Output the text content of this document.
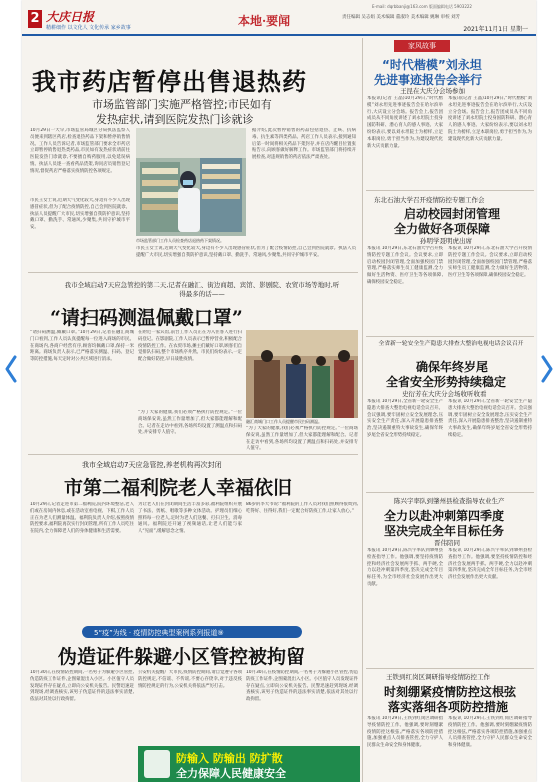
2 大庆日报
精耕细作 以文化人 文化传承 家乡故事	本地·要闻
E-mail: dqrbbanji@163.com 版面编辑电话 5903222
责任编辑 吴志娟 美术编辑 董淑玲 美术编辑 姚琳 审校 刘芳
2021年11月1日 星期一
我市药店暂停出售退热药
市场监管部门实施严格管控;市民如有
发热症状,请到医院发热门诊就诊
10月29日一大早,市场监管局城区分局执法监察人员便来到辖区药店,检查退热药品下架和暂停销售情况。工作人员告诉记者,市场监管部门要求全市药店立即暂停销售退热类药品,市民如有发热症状请前往医院发热门诊就诊,不要擅自购药服用,以免延误病情。执法人员逐一查看药品货架,询问店员销售登记情况,督促药店严格落实疫情防控各项规定。
市民王女士说,近期天气变化较大,身边有不少人出现感冒症状,但为了配合疫情防控,自己会到医院就诊。执法人员提醒广大市民,切实增强自我防护意识,坚持戴口罩、勤洗手、常通风,少聚集,共同守护城市平安。
市场监管部门工作人员检查药店退热药下架情况。
据介绍,此次暂停销售的药品包括退热、止咳、抗病毒、抗生素等四类药品。药店工作人员表示,接到通知后第一时间将相关药品下架封存,并在店内醒目位置张贴告示,向顾客做好解释工作。市场监管部门将持续开展检查,对违规销售的药店依法严肃查处。
市民王女士说,近期天气变化较大,身边有不少人出现感冒症状,但为了配合疫情防控,自己会到医院就诊。执法人员提醒广大市民,切实增强自我防护意识,坚持戴口罩、勤洗手、常通风,少聚集,共同守护城市平安。
我市全域启动7天应急管控的第二天,记者在融汇、街边商超、宾馆、影剧院、农贸市场等地时,听得最多的话——
“请扫码测温佩戴口罩”
“请扫码测温,佩戴口罩。”10月29日,记者在融汇商城门口看到,工作人员认真提醒每一位进入商场的市民。在商场内,各商户经营有序,顾客均佩戴口罩,保持一米距离。商场负责人表示,已严格落实测温、扫码、登记等防控措施,每天定时对公共区域进行消杀。
在附近一家宾馆,前台工作人员正在为入住客人进行扫码登记。在影剧院,工作人员表示已暂停营业,积极配合疫情防控工作。在农贸市场,摊主们戴好口罩,顾客们自觉排队扫码,整个市场秩序井然。市民们纷纷表示,一定配合做好防控,早日战胜疫情。
融汇商城门口工作人员提醒市民扫码测温。
“为了大家的健康,我们必须严格执行防控规定。”一位商场保安说,虽然工作量增加了,但大家都能理解和配合。记者在走访中看到,各场所均设置了测温点和扫码处,并安排专人值守。
“为了大家的健康,我们必须严格执行防控规定。”一位商场保安说,虽然工作量增加了,但大家都能理解和配合。记者在走访中看到,各场所均设置了测温点和扫码处,并安排专人值守。
我市全域启动7天应急管控,养老机构再次封闭
市第二福利院老人幸福依旧
10月29日,记者走进市第二福利院,院内环境整洁,老人们或在房间内休息,或在活动室看电视、下棋,工作人员正在为老人们测量体温。福利院负责人介绍,按照疫情防控要求,福利院再次实行封闭管理,所有工作人员吃住在院内,全力保障老人们的身体健康和生活需要。
为让老人们在封闭期间生活丰富多彩,福利院组织开展了书法、剪纸、唱歌等多种文体活动。护理员们细心照料每一位老人,定时为老人们送餐、打扫卫生、消毒通风。福利院还开通了视频通话,让老人们能与家人“见面”,缓解思念之情。
86岁的李大爷说:“福利院的工作人员对我们照顾得很周到,吃得好、住得好,我们一定配合好防疫工作,让家人放心。”
5“疫”为线 · 疫情防控典型案例系列报道⑨
伪造证件躲避小区管控被拘留
10月30日,在疫情防控期间,一名男子为躲避小区管控,伪造防疫工作证件,企图蒙混出入小区。小区值守人员发现证件存在疑点,立即向公安机关报告。民警迅速赶到现场,经调查核实,该男子伪造证件的违法事实清楚,依法对其处以行政拘留。
公安机关提醒广大市民,疫情防控期间,请自觉遵守各项防控规定,不信谣、不传谣,不要心存侥幸,对于违反疫情防控规定的行为,公安机关将依法严厉打击。
10月30日,在疫情防控期间,一名男子为躲避小区管控,伪造防疫工作证件,企图蒙混出入小区。小区值守人员发现证件存在疑点,立即向公安机关报告。民警迅速赶到现场,经调查核实,该男子伪造证件的违法事实清楚,依法对其处以行政拘留。
防输入 防输出 防扩散
全力保障人民健康安全
家风故事
“时代楷模”刘永坦
先进事迹报告会举行
王昆在大庆分会场参加
本报讯(记者 王晶)10月29日,“时代楷模”刘永坦先进事迹报告会在哈尔滨举行,大庆设立分会场。报告会上,报告团成员从不同角度讲述了刘永坦院士投身国防科研、潜心育人的感人事迹。大家纷纷表示,要以刘永坦院士为榜样,立足本职岗位,勇于担当作为,为建设现代化新大庆贡献力量。
本报讯(记者 王晶)10月29日,“时代楷模”刘永坦先进事迹报告会在哈尔滨举行,大庆设立分会场。报告会上,报告团成员从不同角度讲述了刘永坦院士投身国防科研、潜心育人的感人事迹。大家纷纷表示,要以刘永坦院士为榜样,立足本职岗位,勇于担当作为,为建设现代化新大庆贡献力量。
东北石油大学召开疫情防控专题工作会
启动校园封闭管理
全力做好各项保障
孙明学聂明虎出席
本报讯 10月29日,东北石油大学召开疫情防控专题工作会议。会议要求,立即启动校园封闭管理,全面加强校园门禁管理,严格落实师生员工健康监测,全力做好生活物资、医疗卫生等各项保障,确保校园安全稳定。
本报讯 10月29日,东北石油大学召开疫情防控专题工作会议。会议要求,立即启动校园封闭管理,全面加强校园门禁管理,严格落实师生员工健康监测,全力做好生活物资、医疗卫生等各项保障,确保校园安全稳定。
全省新一轮安全生产隐患大排查大整治电视电话会议召开
确保年终岁尾
全省安全形势持续稳定
史衍芳在大庆分会场收听收看
本报讯 10月29日,全省新一轮安全生产隐患大排查大整治电视电话会议召开。会议强调,要牢固树立安全发展理念,压实安全生产责任,深入开展隐患排查整治,坚决遏制重特大事故发生,确保年终岁尾全省安全形势持续稳定。
本报讯 10月29日,全省新一轮安全生产隐患大排查大整治电视电话会议召开。会议强调,要牢固树立安全发展理念,压实安全生产责任,深入开展隐患排查整治,坚决遏制重特大事故发生,确保年终岁尾全省安全形势持续稳定。
陈兴宇率队到肇州县检查指导农业生产
全力以赴冲刺第四季度
坚决完成全年目标任务
晋伟陪同
本报讯 10月29日,陈兴宇率队到肇州县检查指导工作。他强调,要坚持疫情防控和经济社会发展两手抓、两手硬,全力以赴冲刺第四季度,坚决完成全年目标任务,为全市经济社会发展作出更大贡献。
本报讯 10月29日,陈兴宇率队到肇州县检查指导工作。他强调,要坚持疫情防控和经济社会发展两手抓、两手硬,全力以赴冲刺第四季度,坚决完成全年目标任务,为全市经济社会发展作出更大贡献。
王铁到红岗区调研指导疫情防控工作
时刻绷紧疫情防控这根弦
落实落细各项防控措施
本报讯 10月29日,王铁到红岗区调研指导疫情防控工作。他强调,要时刻绷紧疫情防控这根弦,严格落实各项防控措施,加强重点人员排查管控,全力守护人民群众生命安全和身体健康。
本报讯 10月29日,王铁到红岗区调研指导疫情防控工作。他强调,要时刻绷紧疫情防控这根弦,严格落实各项防控措施,加强重点人员排查管控,全力守护人民群众生命安全和身体健康。
